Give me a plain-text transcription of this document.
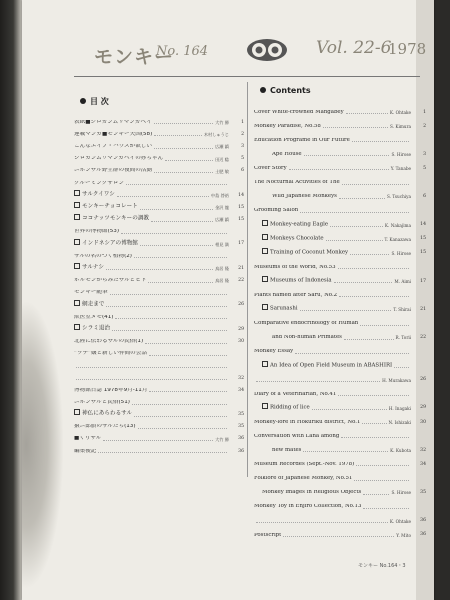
モンキー
No. 164	Vol. 22-6
1978
目 次
表紙■シロカンムリマンガベイ	大竹 勝	1
連載マンガ■モンキー天国(58)	木村しゅうじ	2
こんなエイプ・ハウスが欲しい	広瀬 鎮	3
シロカンムリマンガベイの赤ちゃん	田辺 稔	5
ニホンザル野生群の夜間の活動	土肥 敏	6
グルーミングサロン
サルクイワシ	中島 啓裕	14
モンキーチョコレート	金沢 龍	15
ココナッツモンキーの調教	広瀬 鎮	15
世界の博物館(53)
インドネシアの博物館	相見 満	17
サルの名のつく植物(2)
サルナシ	鳥居 隆	21
ホルモンからみたサルとヒト	鳥居 隆	22
モンキー随筆
網走まで	26
獣医室メモ(41)
シラミ退治	29
北陸に伝わるサルの民俗(1)	30
“ラナ”嬢と新しい仲間の会話
32
博物館日誌 1978年9月-11月	34
ニホンザルと民俗(51)
神仏にあらわるサル	35
猿ニ郎旗のサルたち(13)	35
■くりザル	大竹 勝	36
編集後記	36
Contents
Cover White-crowned Mangabey	K. Ohtake	1
Monkey Paradise, No.58	S. Kimura	2
Education Programe in Our Future
Ape House	S. Hirose	3
Cover Story	Y. Tanabe	5
The Nocturnal Activities of The
Wild Japanese Monkeys	S. Tsuchiya	6
Grooming Salon
Monkey-eating Eagle	K. Nakajima	14
Monkeys Chocolate	T. Kanazawa	15
Training of Coconut Monkey	S. Hirose	15
Museums of the World, No.53
Museums of Indonesia	M. Aimi	17
Plants named after Saru, No.2
Sarunashi	T. Shirai	21
Comparative endocrinology of Human
and Non-human Primates	R. Torii	22
Monkey Essay
An Idea of Open Field Museum in ABASHIRI
H. Murakawa	26
Diary of a Veterinarian, No.41
Ridding of lice	H. Inagaki	29
Monkey-lore in Hokuriku district, No.1	N. Ishizaki	30
Conversation with Lana among
new mates	K. Kubota	32
Museum Recordes (Sept.-Nov. 1978)	34
Folklore of Japanese Monkey, No.51
Monkey images in Religious Objects	S. Hirose	35
Monkey Toy in Enjiro Collection, No.13
K. Ohtake	36
Postscript	Y. Mito	36
モンキー No.164・3
